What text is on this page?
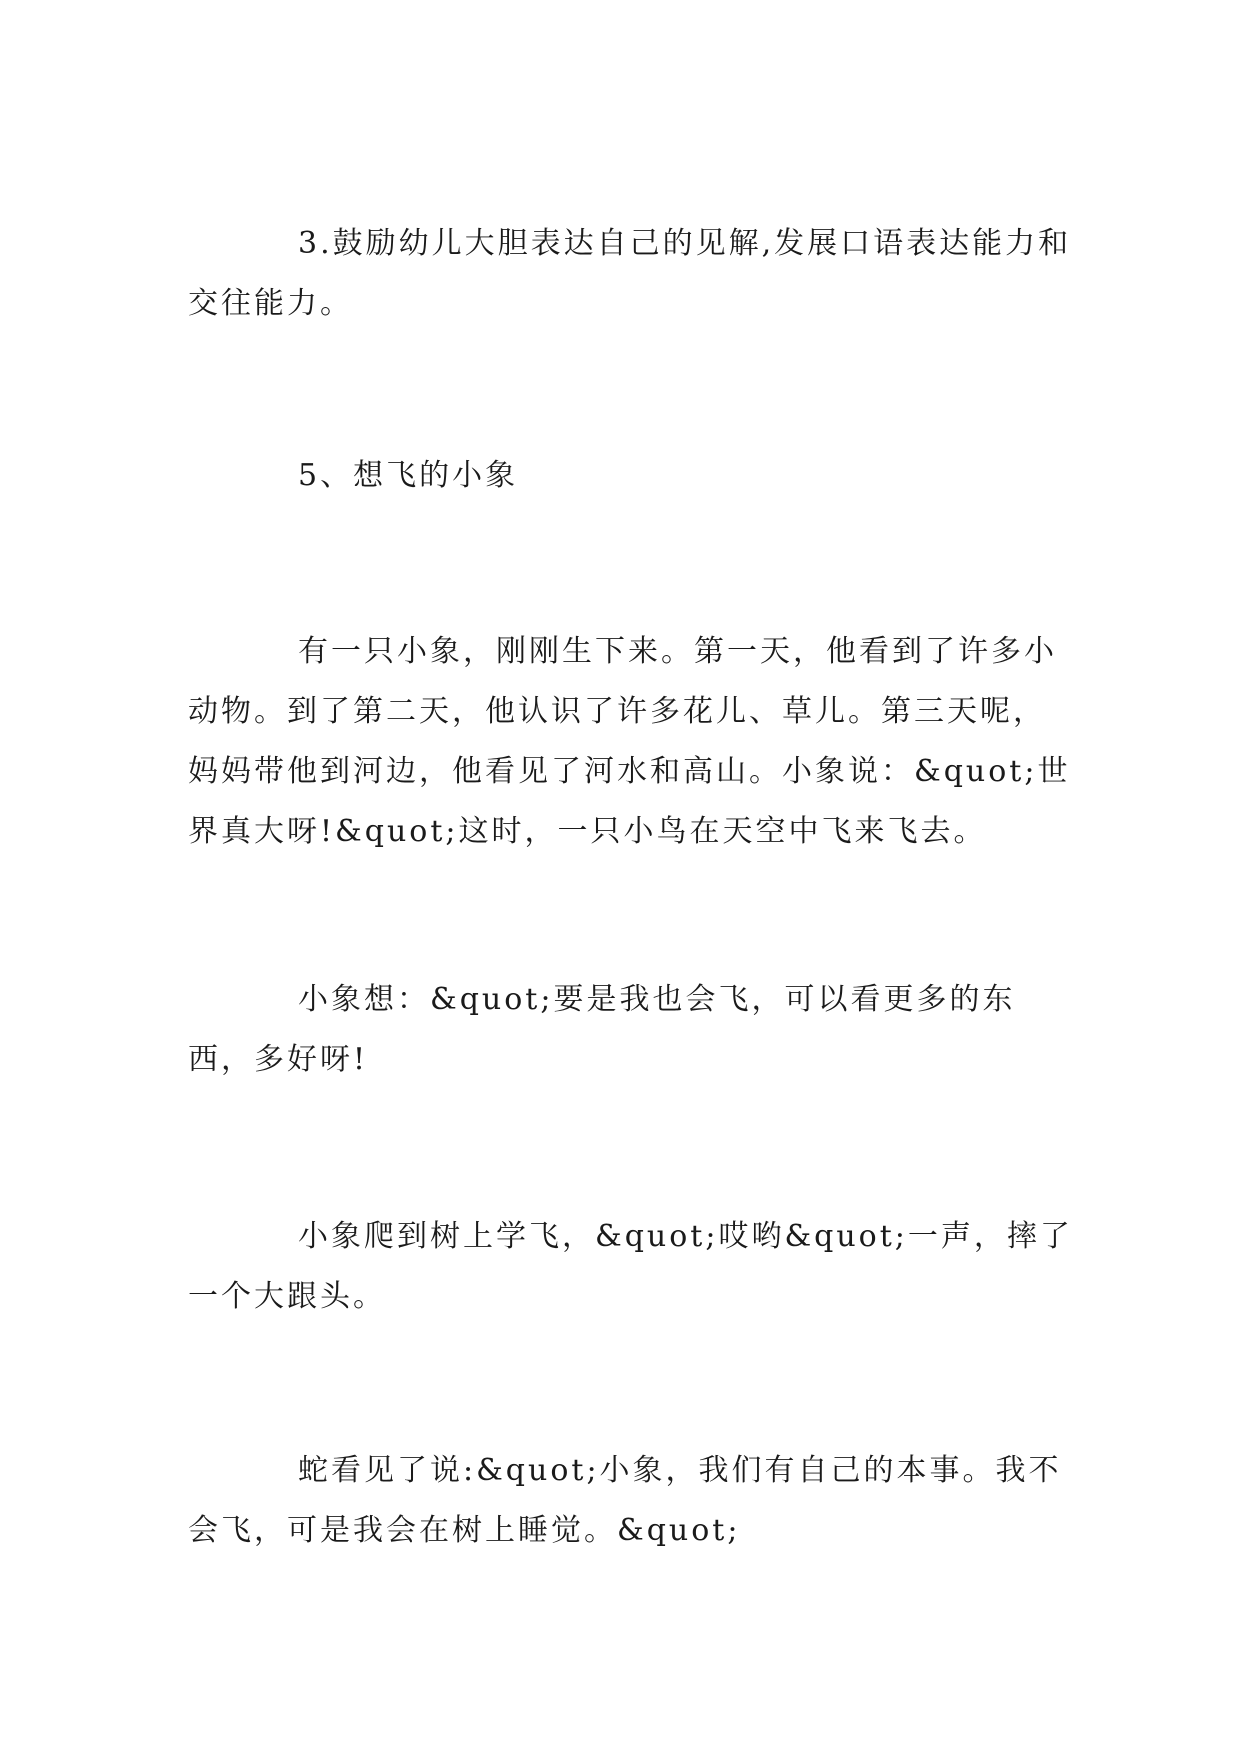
3.鼓励幼儿大胆表达自己的见解,发展口语表达能力和交往能力。

5、想飞的小象

有一只小象，刚刚生下来。第一天，他看到了许多小动物。到了第二天，他认识了许多花儿、草儿。第三天呢，妈妈带他到河边，他看见了河水和高山。小象说：&quot;世界真大呀!&quot;这时，一只小鸟在天空中飞来飞去。

小象想：&quot;要是我也会飞，可以看更多的东西，多好呀!

小象爬到树上学飞，&quot;哎哟&quot;一声，摔了一个大跟头。

蛇看见了说:&quot;小象，我们有自己的本事。我不会飞，可是我会在树上睡觉。&quot;
